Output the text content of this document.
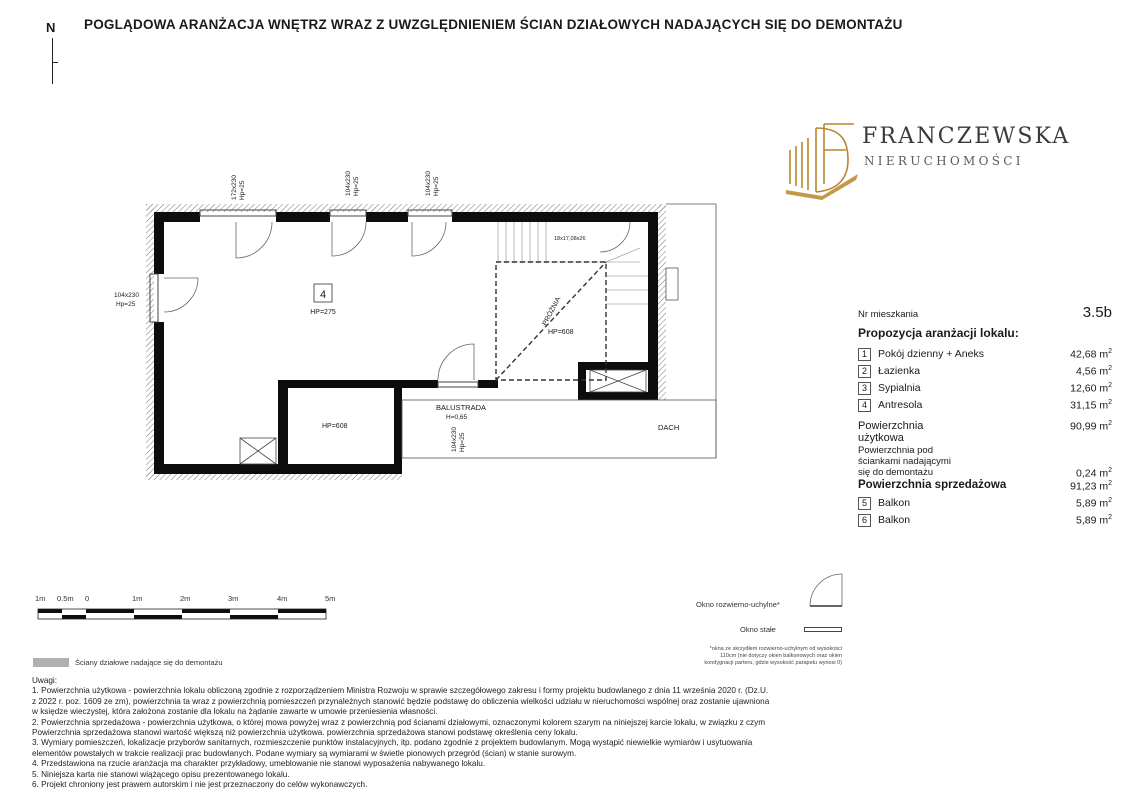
N POGLĄDOWA ARANŻACJA WNĘTRZ WRAZ Z UWZGLĘDNIENIEM ŚCIAN DZIAŁOWYCH NADAJĄCYCH SIĘ DO DEMONTAŻU
FRANCZEWSKA
NIERUCHOMOŚCI
4
HP=275
172x230 Hp=25	104x230 Hp=25	104x230 Hp=25
104x230
Hp=25
18x17,08x26
PRÓŻNIA
HP=608
HP=608
BALUSTRADA
H=0,65
104x230 Hp=25
DACH
Nr mieszkania	3.5b
Propozycja aranżacji lokalu:
1	Pokój dzienny + Aneks	42,68 $m^2$
2	Łazienka	4,56 $m^2$
3	Sypialnia	12,60 $m^2$
4	Antresola	31,15 $m^2$
Powierzchnia
użytkowa
90,99 $m^2$
Powierzchnia pod
ściankami nadającymi
się do demontażu	0,24 $m^2$
Powierzchnia sprzedażowa	91,23 $m^2$
5	Balkon	5,89 $m^2$
6	Balkon	5,89 $m^2$
1m 0.5m 0	1m	2m	3m	4m	5m
Ściany działowe nadające się do demontażu
Okno rozwierno-uchylne*
Okno stałe
*okna ze skrzydłem rozwierno-uchylnym od wysokości
110cm (nie dotyczy okien balkonowych oraz okien
kondygnacji parteru, gdzie wysokość parapetu wynosi 0)
Uwagi:
1. Powierzchnia użytkowa - powierzchnia lokalu obliczoną zgodnie z rozporządzeniem Ministra Rozwoju w sprawie szczegółowego zakresu i formy projektu budowlanego z dnia 11 września 2020 r. (Dz.U.
z 2022 r. poz. 1609 ze zm), powierzchnia ta wraz z powierzchnią pomieszczeń przynależnych stanowić będzie podstawę do obliczenia wielkości udziału w nieruchomości wspólnej oraz zostanie ujawniona
w księdze wieczystej, która założona zostanie dla lokalu na żądanie zawarte w umowie przeniesienia własności.
2. Powierzchnia sprzedażowa - powierzchnia użytkowa, o której mowa powyżej wraz z powierzchnią pod ścianami działowymi, oznaczonymi kolorem szarym na niniejszej karcie lokalu, w związku z czym
Powierzchnia sprzedażowa stanowi wartość większą niż powierzchnia użytkowa. powierzchnia sprzedażowa stanowi podstawę określenia ceny lokalu.
3. Wymiary pomieszczeń, lokalizacje przyborów sanitarnych, rozmieszczenie punktów instalacyjnych, itp. podano zgodnie z projektem budowlanym. Mogą wystąpić niewielkie wymiarów i usytuowania
elementów powstałych w trakcie realizacji prac budowlanych. Podane wymiary są wymiarami w świetle pionowych przegród (ścian) w stanie surowym.
4. Przedstawiona na rzucie aranżacja ma charakter przykładowy, umeblowanie nie stanowi wyposażenia nabywanego lokalu.
5. Niniejsza karta nie stanowi wiążącego opisu prezentowanego lokalu.
6. Projekt chroniony jest prawem autorskim i nie jest przeznaczony do celów wykonawczych.
